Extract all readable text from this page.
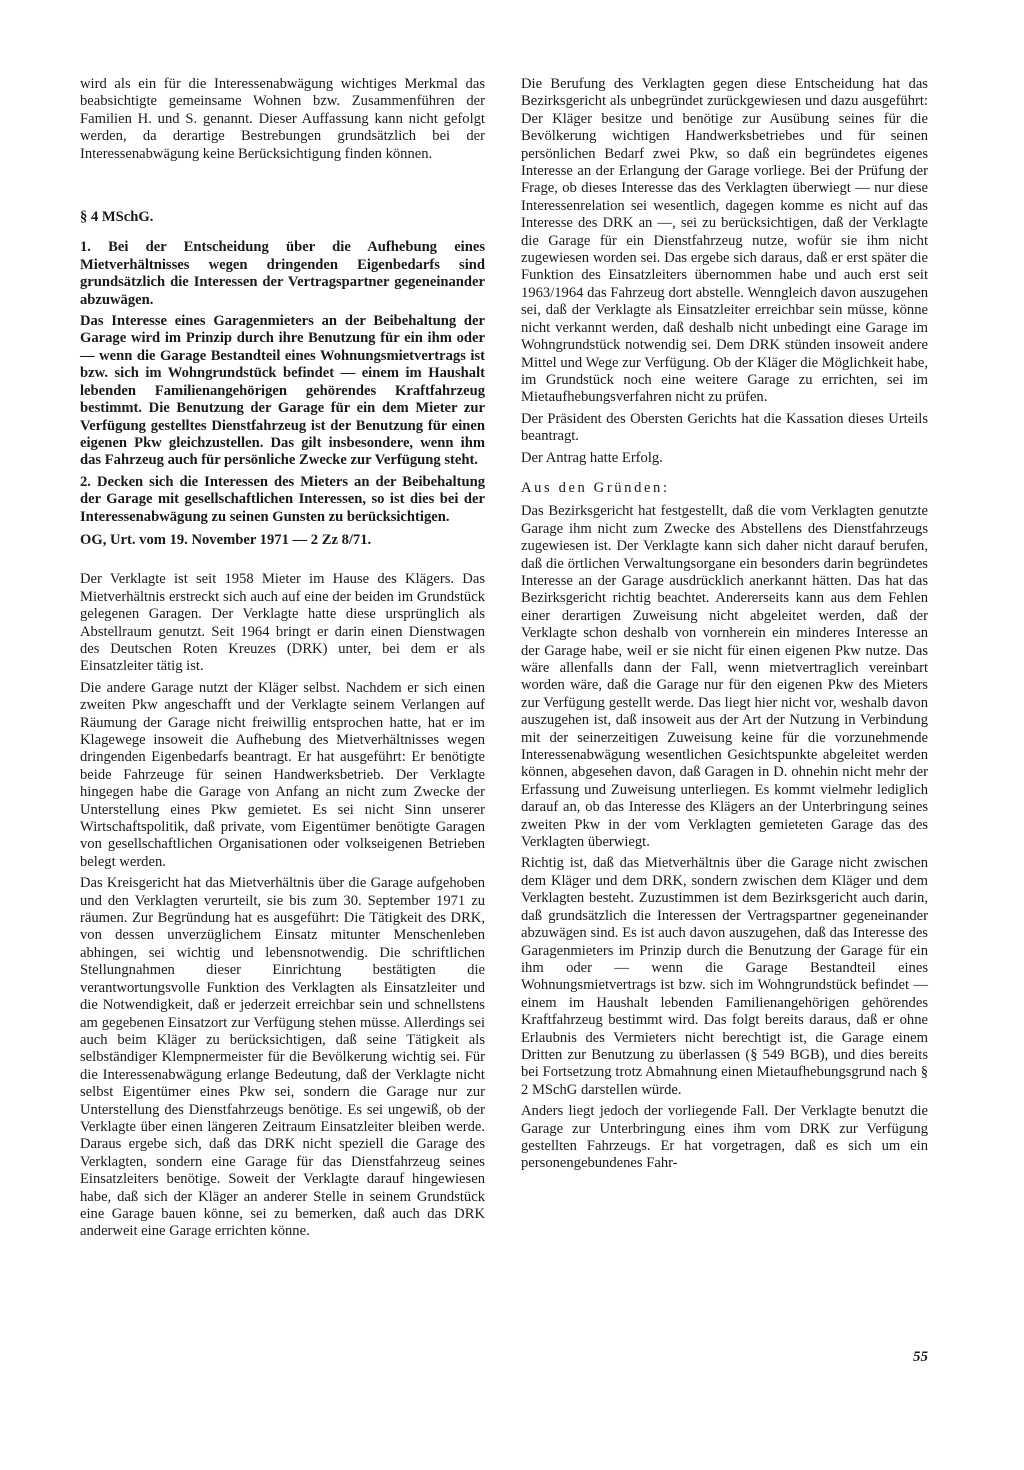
wird als ein für die Interessenabwägung wichtiges Merkmal das beabsichtigte gemeinsame Wohnen bzw. Zusammenführen der Familien H. und S. genannt. Dieser Auffassung kann nicht gefolgt werden, da derartige Bestrebungen grundsätzlich bei der Interessenabwägung keine Berücksichtigung finden können.

§ 4 MSchG.

1. Bei der Entscheidung über die Aufhebung eines Mietverhältnisses wegen dringenden Eigenbedarfs sind grundsätzlich die Interessen der Vertragspartner gegeneinander abzuwägen.

Das Interesse eines Garagenmieters an der Beibehaltung der Garage wird im Prinzip durch ihre Benutzung für ein ihm oder — wenn die Garage Bestandteil eines Wohnungsmietvertrags ist bzw. sich im Wohngrundstück befindet — einem im Haushalt lebenden Familienangehörigen gehörendes Kraftfahrzeug bestimmt. Die Benutzung der Garage für ein dem Mieter zur Verfügung gestelltes Dienstfahrzeug ist der Benutzung für einen eigenen Pkw gleichzustellen. Das gilt insbesondere, wenn ihm das Fahrzeug auch für persönliche Zwecke zur Verfügung steht.

2. Decken sich die Interessen des Mieters an der Beibehaltung der Garage mit gesellschaftlichen Interessen, so ist dies bei der Interessenabwägung zu seinen Gunsten zu berücksichtigen.

OG, Urt. vom 19. November 1971 — 2 Zz 8/71.

Der Verklagte ist seit 1958 Mieter im Hause des Klägers. Das Mietverhältnis erstreckt sich auch auf eine der beiden im Grundstück gelegenen Garagen. Der Verklagte hatte diese ursprünglich als Abstellraum genutzt. Seit 1964 bringt er darin einen Dienstwagen des Deutschen Roten Kreuzes (DRK) unter, bei dem er als Einsatzleiter tätig ist.

Die andere Garage nutzt der Kläger selbst. Nachdem er sich einen zweiten Pkw angeschafft und der Verklagte seinem Verlangen auf Räumung der Garage nicht freiwillig entsprochen hatte, hat er im Klagewege insoweit die Aufhebung des Mietverhältnisses wegen dringenden Eigenbedarfs beantragt. Er hat ausgeführt: Er benötigte beide Fahrzeuge für seinen Handwerksbetrieb. Der Verklagte hingegen habe die Garage von Anfang an nicht zum Zwecke der Unterstellung eines Pkw gemietet. Es sei nicht Sinn unserer Wirtschaftspolitik, daß private, vom Eigentümer benötigte Garagen von gesellschaftlichen Organisationen oder volkseigenen Betrieben belegt werden.

Das Kreisgericht hat das Mietverhältnis über die Garage aufgehoben und den Verklagten verurteilt, sie bis zum 30. September 1971 zu räumen. Zur Begründung hat es ausgeführt: Die Tätigkeit des DRK, von dessen unverzüglichem Einsatz mitunter Menschenleben abhingen, sei wichtig und lebensnotwendig. Die schriftlichen Stellungnahmen dieser Einrichtung bestätigten die verantwortungsvolle Funktion des Verklagten als Einsatzleiter und die Notwendigkeit, daß er jederzeit erreichbar sein und schnellstens am gegebenen Einsatzort zur Verfügung stehen müsse. Allerdings sei auch beim Kläger zu berücksichtigen, daß seine Tätigkeit als selbständiger Klempnermeister für die Bevölkerung wichtig sei. Für die Interessenabwägung erlange Bedeutung, daß der Verklagte nicht selbst Eigentümer eines Pkw sei, sondern die Garage nur zur Unterstellung des Dienstfahrzeugs benötige. Es sei ungewiß, ob der Verklagte über einen längeren Zeitraum Einsatzleiter bleiben werde. Daraus ergebe sich, daß das DRK nicht speziell die Garage des Verklagten, sondern eine Garage für das Dienstfahrzeug seines Einsatzleiters benötige. Soweit der Verklagte darauf hingewiesen habe, daß sich der Kläger an anderer Stelle in seinem Grundstück eine Garage bauen könne, sei zu bemerken, daß auch das DRK anderweit eine Garage errichten könne.

Die Berufung des Verklagten gegen diese Entscheidung hat das Bezirksgericht als unbegründet zurückgewiesen und dazu ausgeführt: Der Kläger besitze und benötige zur Ausübung seines für die Bevölkerung wichtigen Handwerksbetriebes und für seinen persönlichen Bedarf zwei Pkw, so daß ein begründetes eigenes Interesse an der Erlangung der Garage vorliege. Bei der Prüfung der Frage, ob dieses Interesse das des Verklagten überwiegt — nur diese Interessenrelation sei wesentlich, dagegen komme es nicht auf das Interesse des DRK an —, sei zu berücksichtigen, daß der Verklagte die Garage für ein Dienstfahrzeug nutze, wofür sie ihm nicht zugewiesen worden sei. Das ergebe sich daraus, daß er erst später die Funktion des Einsatzleiters übernommen habe und auch erst seit 1963/1964 das Fahrzeug dort abstelle. Wenngleich davon auszugehen sei, daß der Verklagte als Einsatzleiter erreichbar sein müsse, könne nicht verkannt werden, daß deshalb nicht unbedingt eine Garage im Wohngrundstück notwendig sei. Dem DRK stünden insoweit andere Mittel und Wege zur Verfügung. Ob der Kläger die Möglichkeit habe, im Grundstück noch eine weitere Garage zu errichten, sei im Mietaufhebungsverfahren nicht zu prüfen.

Der Präsident des Obersten Gerichts hat die Kassation dieses Urteils beantragt.

Der Antrag hatte Erfolg.

Aus den Gründen:

Das Bezirksgericht hat festgestellt, daß die vom Verklagten genutzte Garage ihm nicht zum Zwecke des Abstellens des Dienstfahrzeugs zugewiesen ist. Der Verklagte kann sich daher nicht darauf berufen, daß die örtlichen Verwaltungsorgane ein besonders darin begründetes Interesse an der Garage ausdrücklich anerkannt hätten. Das hat das Bezirksgericht richtig beachtet. Andererseits kann aus dem Fehlen einer derartigen Zuweisung nicht abgeleitet werden, daß der Verklagte schon deshalb von vornherein ein minderes Interesse an der Garage habe, weil er sie nicht für einen eigenen Pkw nutze. Das wäre allenfalls dann der Fall, wenn mietvertraglich vereinbart worden wäre, daß die Garage nur für den eigenen Pkw des Mieters zur Verfügung gestellt werde. Das liegt hier nicht vor, weshalb davon auszugehen ist, daß insoweit aus der Art der Nutzung in Verbindung mit der seinerzeitigen Zuweisung keine für die vorzunehmende Interessenabwägung wesentlichen Gesichtspunkte abgeleitet werden können, abgesehen davon, daß Garagen in D. ohnehin nicht mehr der Erfassung und Zuweisung unterliegen. Es kommt vielmehr lediglich darauf an, ob das Interesse des Klägers an der Unterbringung seines zweiten Pkw in der vom Verklagten gemieteten Garage das des Verklagten überwiegt.

Richtig ist, daß das Mietverhältnis über die Garage nicht zwischen dem Kläger und dem DRK, sondern zwischen dem Kläger und dem Verklagten besteht. Zuzustimmen ist dem Bezirksgericht auch darin, daß grundsätzlich die Interessen der Vertragspartner gegeneinander abzuwägen sind. Es ist auch davon auszugehen, daß das Interesse des Garagenmieters im Prinzip durch die Benutzung der Garage für ein ihm oder — wenn die Garage Bestandteil eines Wohnungsmietvertrags ist bzw. sich im Wohngrundstück befindet — einem im Haushalt lebenden Familienangehörigen gehörendes Kraftfahrzeug bestimmt wird. Das folgt bereits daraus, daß er ohne Erlaubnis des Vermieters nicht berechtigt ist, die Garage einem Dritten zur Benutzung zu überlassen (§ 549 BGB), und dies bereits bei Fortsetzung trotz Abmahnung einen Mietaufhebungsgrund nach § 2 MSchG darstellen würde.

Anders liegt jedoch der vorliegende Fall. Der Verklagte benutzt die Garage zur Unterbringung eines ihm vom DRK zur Verfügung gestellten Fahrzeugs. Er hat vorgetragen, daß es sich um ein personengebundenes Fahr-

55
